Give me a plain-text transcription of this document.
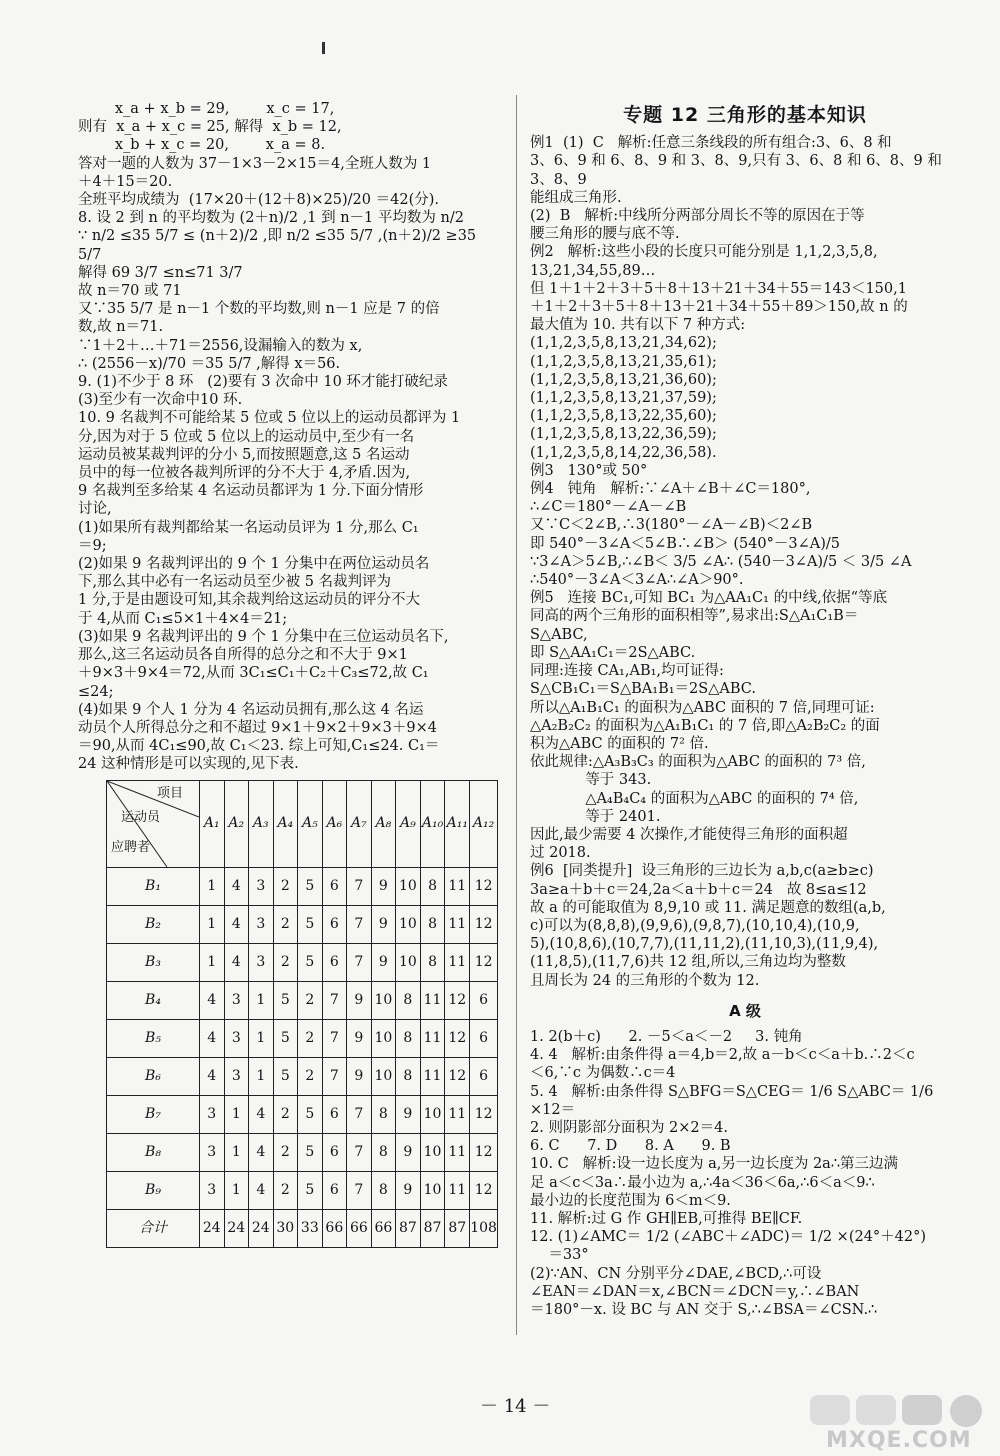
x_a + x_b = 29,        x_c = 17,

则有  x_a + x_c = 25, 解得  x_b = 12,

x_b + x_c = 20,        x_a = 8.

答对一题的人数为 37－1×3－2×15＝4,全班人数为 1

＋4＋15＝20.

全班平均成绩为  (17×20＋(12＋8)×25)/20 ＝42(分).

8. 设 2 到 n 的平均数为 (2＋n)/2 ,1 到 n－1 平均数为 n/2

∵ n/2 ≤35 5/7 ≤ (n＋2)/2 ,即 n/2 ≤35 5/7 ,(n＋2)/2 ≥35 5/7

解得 69 3/7 ≤n≤71 3/7

故 n＝70 或 71

又∵35 5/7 是 n－1 个数的平均数,则 n－1 应是 7 的倍

数,故 n＝71.

∵1＋2＋…＋71＝2556,设漏输入的数为 x,

∴ (2556－x)/70 ＝35 5/7 ,解得 x＝56.

9. (1)不少于 8 环   (2)要有 3 次命中 10 环才能打破纪录

(3)至少有一次命中10 环.

10. 9 名裁判不可能给某 5 位或 5 位以上的运动员都评为 1

分,因为对于 5 位或 5 位以上的运动员中,至少有一名

运动员被某裁判评的分小 5,而按照题意,这 5 名运动

员中的每一位被各裁判所评的分不大于 4,矛盾.因为,

9 名裁判至多给某 4 名运动员都评为 1 分.下面分情形

讨论,

(1)如果所有裁判都给某一名运动员评为 1 分,那么 C₁

＝9;

(2)如果 9 名裁判评出的 9 个 1 分集中在两位运动员名

下,那么其中必有一名运动员至少被 5 名裁判评为

1 分,于是由题设可知,其余裁判给这运动员的评分不大

于 4,从而 C₁≤5×1＋4×4＝21;

(3)如果 9 名裁判评出的 9 个 1 分集中在三位运动员名下,

那么,这三名运动员各自所得的总分之和不大于 9×1

＋9×3＋9×4＝72,从而 3C₁≤C₁＋C₂＋C₃≤72,故 C₁

≤24;

(4)如果 9 个人 1 分为 4 名运动员拥有,那么这 4 名运

动员个人所得总分之和不超过 9×1＋9×2＋9×3＋9×4

＝90,从而 4C₁≤90,故 C₁＜23. 综上可知,C₁≤24. C₁＝

24 这种情形是可以实现的,见下表.

项目
运动员
应聘者	A₁	A₂	A₃	A₄	A₅	A₆	A₇	A₈	A₉	A₁₀	A₁₁	A₁₂
B₁	1	4	3	2	5	6	7	9	10	8	11	12
B₂	1	4	3	2	5	6	7	9	10	8	11	12
B₃	1	4	3	2	5	6	7	9	10	8	11	12
B₄	4	3	1	5	2	7	9	10	8	11	12	6
B₅	4	3	1	5	2	7	9	10	8	11	12	6
B₆	4	3	1	5	2	7	9	10	8	11	12	6
B₇	3	1	4	2	5	6	7	8	9	10	11	12
B₈	3	1	4	2	5	6	7	8	9	10	11	12
B₉	3	1	4	2	5	6	7	8	9	10	11	12
合计	24	24	24	30	33	66	66	66	87	87	87	108
专题 12 三角形的基本知识

例1  (1)  C   解析:任意三条线段的所有组合:3、6、8 和

3、6、9 和 6、8、9 和 3、8、9,只有 3、6、8 和 6、8、9 和 3、8、9

能组成三角形.

(2)  B   解析:中线所分两部分周长不等的原因在于等

腰三角形的腰与底不等.

例2   解析:这些小段的长度只可能分别是 1,1,2,3,5,8,

13,21,34,55,89…

但 1＋1＋2＋3＋5＋8＋13＋21＋34＋55＝143＜150,1

＋1＋2＋3＋5＋8＋13＋21＋34＋55＋89＞150,故 n 的

最大值为 10. 共有以下 7 种方式:

(1,1,2,3,5,8,13,21,34,62);

(1,1,2,3,5,8,13,21,35,61);

(1,1,2,3,5,8,13,21,36,60);

(1,1,2,3,5,8,13,21,37,59);

(1,1,2,3,5,8,13,22,35,60);

(1,1,2,3,5,8,13,22,36,59);

(1,1,2,3,5,8,14,22,36,58).

例3   130°或 50°

例4   钝角   解析:∵∠A＋∠B＋∠C＝180°,

∴∠C＝180°－∠A－∠B

又∵C＜2∠B,∴3(180°－∠A－∠B)＜2∠B

即 540°－3∠A＜5∠B∴∠B＞ (540°－3∠A)/5

∵3∠A＞5∠B,∴∠B＜ 3/5 ∠A∴ (540－3∠A)/5 ＜ 3/5 ∠A

∴540°－3∠A＜3∠A∴∠A＞90°.

例5   连接 BC₁,可知 BC₁ 为△AA₁C₁ 的中线,依据“等底

同高的两个三角形的面积相等”,易求出:S△A₁C₁B＝

S△ABC,

即 S△AA₁C₁＝2S△ABC.

同理:连接 CA₁,AB₁,均可证得:

S△CB₁C₁＝S△BA₁B₁＝2S△ABC.

所以△A₁B₁C₁ 的面积为△ABC 面积的 7 倍,同理可证:

△A₂B₂C₂ 的面积为△A₁B₁C₁ 的 7 倍,即△A₂B₂C₂ 的面

积为△ABC 的面积的 7² 倍.

依此规律:△A₃B₃C₃ 的面积为△ABC 的面积的 7³ 倍,

等于 343.

△A₄B₄C₄ 的面积为△ABC 的面积的 7⁴ 倍,

等于 2401.

因此,最少需要 4 次操作,才能使得三角形的面积超

过 2018.

例6  [同类提升]  设三角形的三边长为 a,b,c(a≥b≥c)

3a≥a＋b＋c＝24,2a＜a＋b＋c＝24   故 8≤a≤12

故 a 的可能取值为 8,9,10 或 11. 满足题意的数组(a,b,

c)可以为(8,8,8),(9,9,6),(9,8,7),(10,10,4),(10,9,

5),(10,8,6),(10,7,7),(11,11,2),(11,10,3),(11,9,4),

(11,8,5),(11,7,6)共 12 组,所以,三角边均为整数

且周长为 24 的三角形的个数为 12.

A 级

1. 2(b＋c)      2. －5＜a＜－2     3. 钝角

4. 4   解析:由条件得 a＝4,b＝2,故 a－b＜c＜a＋b.∴2＜c

＜6,∵c 为偶数∴c＝4

5. 4   解析:由条件得 S△BFG＝S△CEG＝ 1/6 S△ABC＝ 1/6 ×12＝

2. 则阴影部分面积为 2×2＝4.

6. C      7. D      8. A      9. B

10. C   解析:设一边长度为 a,另一边长度为 2a∴第三边满

足 a＜c＜3a∴最小边为 a,∴4a＜36＜6a,∴6＜a＜9∴

最小边的长度范围为 6＜m＜9.

11. 解析:过 G 作 GH∥EB,可推得 BE∥CF.

12. (1)∠AMC＝ 1/2 (∠ABC＋∠ADC)＝ 1/2 ×(24°＋42°)

＝33°

(2)∵AN、CN 分别平分∠DAE,∠BCD,∴可设

∠EAN＝∠DAN＝x,∠BCN＝∠DCN＝y,∴∠BAN

＝180°－x. 设 BC 与 AN 交于 S,∴∠BSA＝∠CSN.∴

－ 14 －
MXQE.COM
